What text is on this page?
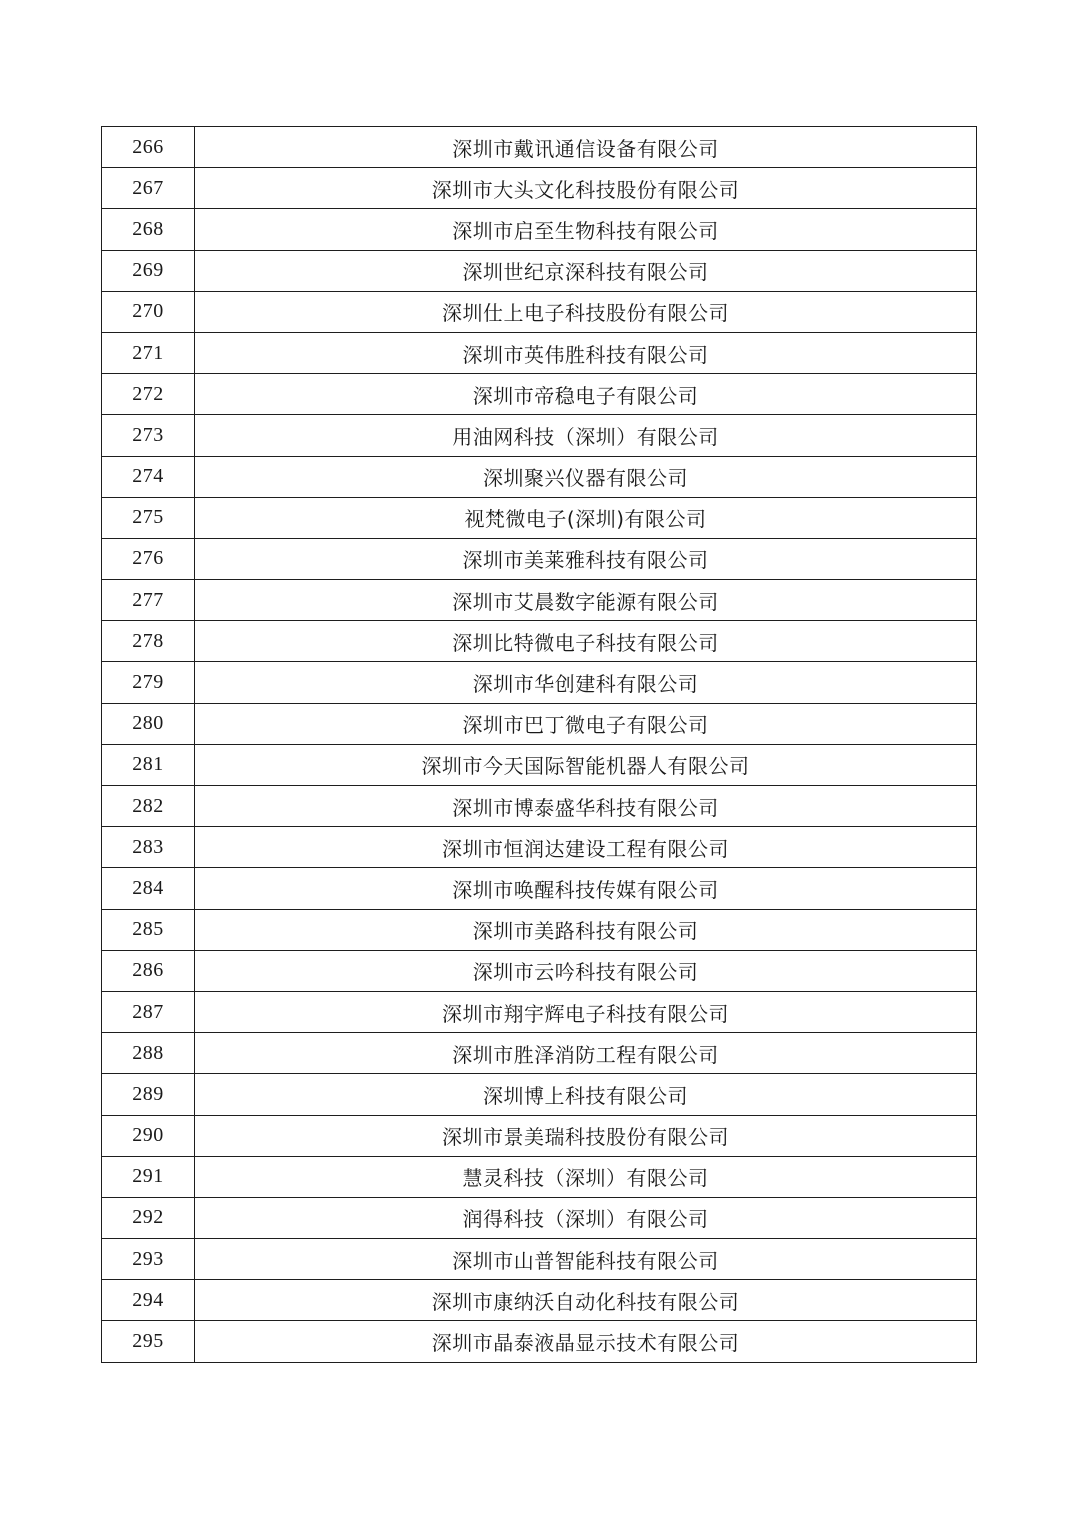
266	深圳市戴讯通信设备有限公司
267	深圳市大头文化科技股份有限公司
268	深圳市启至生物科技有限公司
269	深圳世纪京深科技有限公司
270	深圳仕上电子科技股份有限公司
271	深圳市英伟胜科技有限公司
272	深圳市帝稳电子有限公司
273	用油网科技（深圳）有限公司
274	深圳聚兴仪器有限公司
275	视梵微电子(深圳)有限公司
276	深圳市美莱雅科技有限公司
277	深圳市艾晨数字能源有限公司
278	深圳比特微电子科技有限公司
279	深圳市华创建科有限公司
280	深圳市巴丁微电子有限公司
281	深圳市今天国际智能机器人有限公司
282	深圳市博泰盛华科技有限公司
283	深圳市恒润达建设工程有限公司
284	深圳市唤醒科技传媒有限公司
285	深圳市美路科技有限公司
286	深圳市云吟科技有限公司
287	深圳市翔宇辉电子科技有限公司
288	深圳市胜泽消防工程有限公司
289	深圳博上科技有限公司
290	深圳市景美瑞科技股份有限公司
291	慧灵科技（深圳）有限公司
292	润得科技（深圳）有限公司
293	深圳市山普智能科技有限公司
294	深圳市康纳沃自动化科技有限公司
295	深圳市晶泰液晶显示技术有限公司
